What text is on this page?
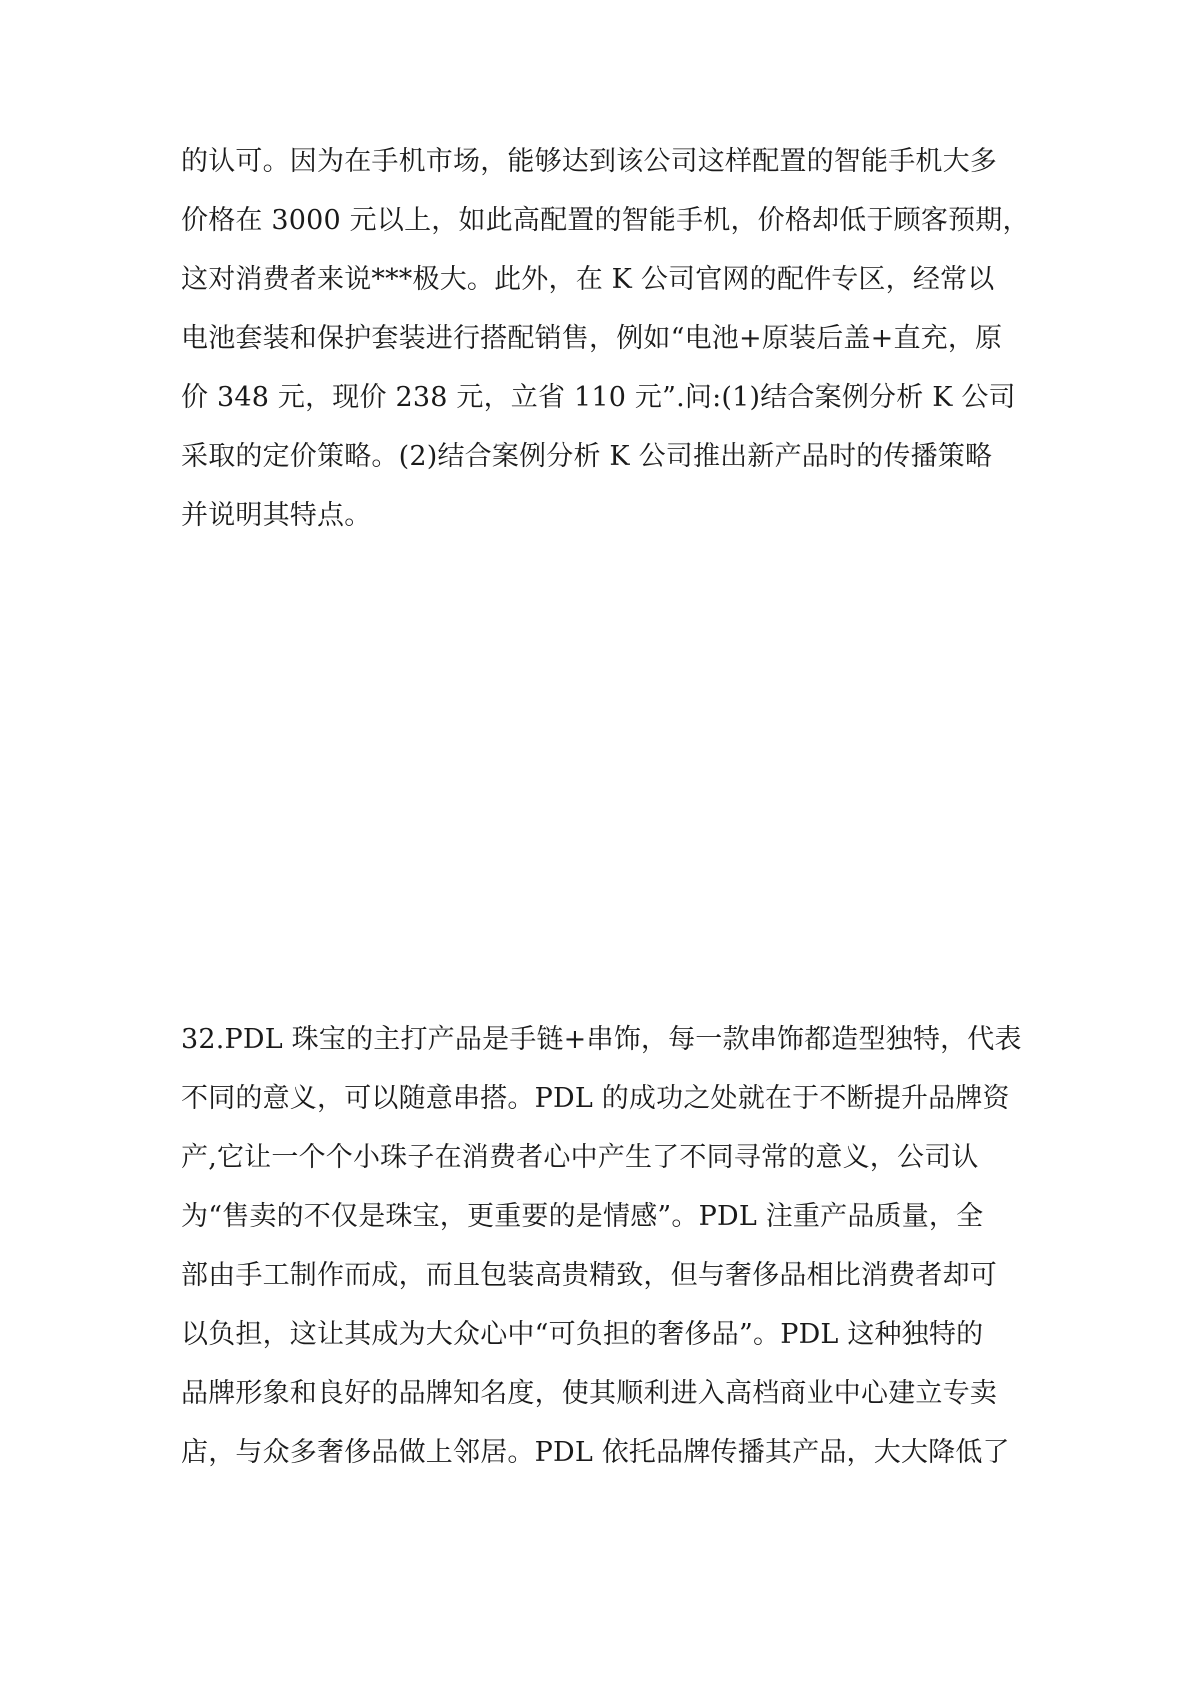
的认可。因为在手机市场，能够达到该公司这样配置的智能手机大多
价格在 3000 元以上，如此高配置的智能手机，价格却低于顾客预期，
这对消费者来说***极大。此外，在 K 公司官网的配件专区，经常以
电池套装和保护套装进行搭配销售，例如“电池+原装后盖+直充，原
价 348 元，现价 238 元，立省 110 元”.问:(1)结合案例分析 K 公司
采取的定价策略。(2)结合案例分析 K 公司推出新产品时的传播策略
并说明其特点。
32.PDL 珠宝的主打产品是手链+串饰，每一款串饰都造型独特，代表
不同的意义，可以随意串搭。PDL 的成功之处就在于不断提升品牌资
产,它让一个个小珠子在消费者心中产生了不同寻常的意义，公司认
为“售卖的不仅是珠宝，更重要的是情感”。PDL 注重产品质量，全
部由手工制作而成，而且包装高贵精致，但与奢侈品相比消费者却可
以负担，这让其成为大众心中“可负担的奢侈品”。PDL 这种独特的
品牌形象和良好的品牌知名度，使其顺利进入高档商业中心建立专卖
店，与众多奢侈品做上邻居。PDL 依托品牌传播其产品，大大降低了
